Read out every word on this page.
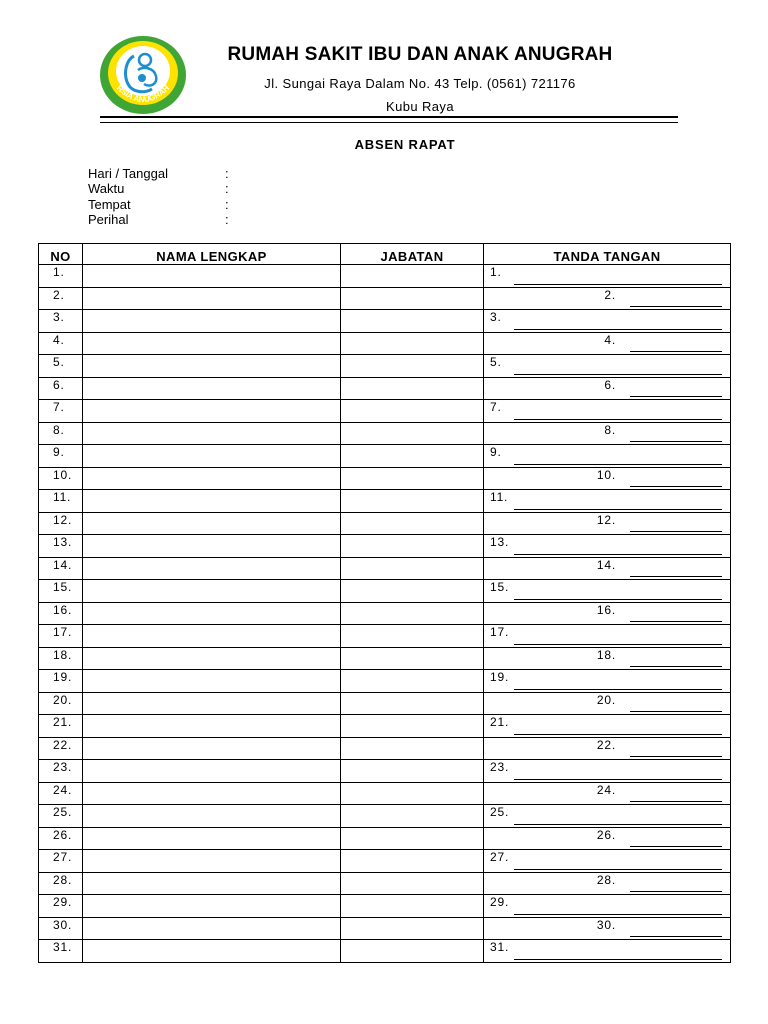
RSIA ANUGRAH
RUMAH SAKIT IBU DAN ANAK ANUGRAH
Jl. Sungai Raya Dalam No. 43 Telp. (0561) 721176
Kubu Raya
ABSEN RAPAT
Hari / Tanggal	:
Waktu	:
Tempat	:
Perihal	:
NO	NAMA LENGKAP	JABATAN	TANDA TANGAN
1.			1.

2.			2.

3.			3.

4.			4.

5.			5.

6.			6.

7.			7.

8.			8.

9.			9.

10.			10.

11.			11.

12.			12.

13.			13.

14.			14.

15.			15.

16.			16.

17.			17.

18.			18.

19.			19.

20.			20.

21.			21.

22.			22.

23.			23.

24.			24.

25.			25.

26.			26.

27.			27.

28.			28.

29.			29.

30.			30.

31.			31.
